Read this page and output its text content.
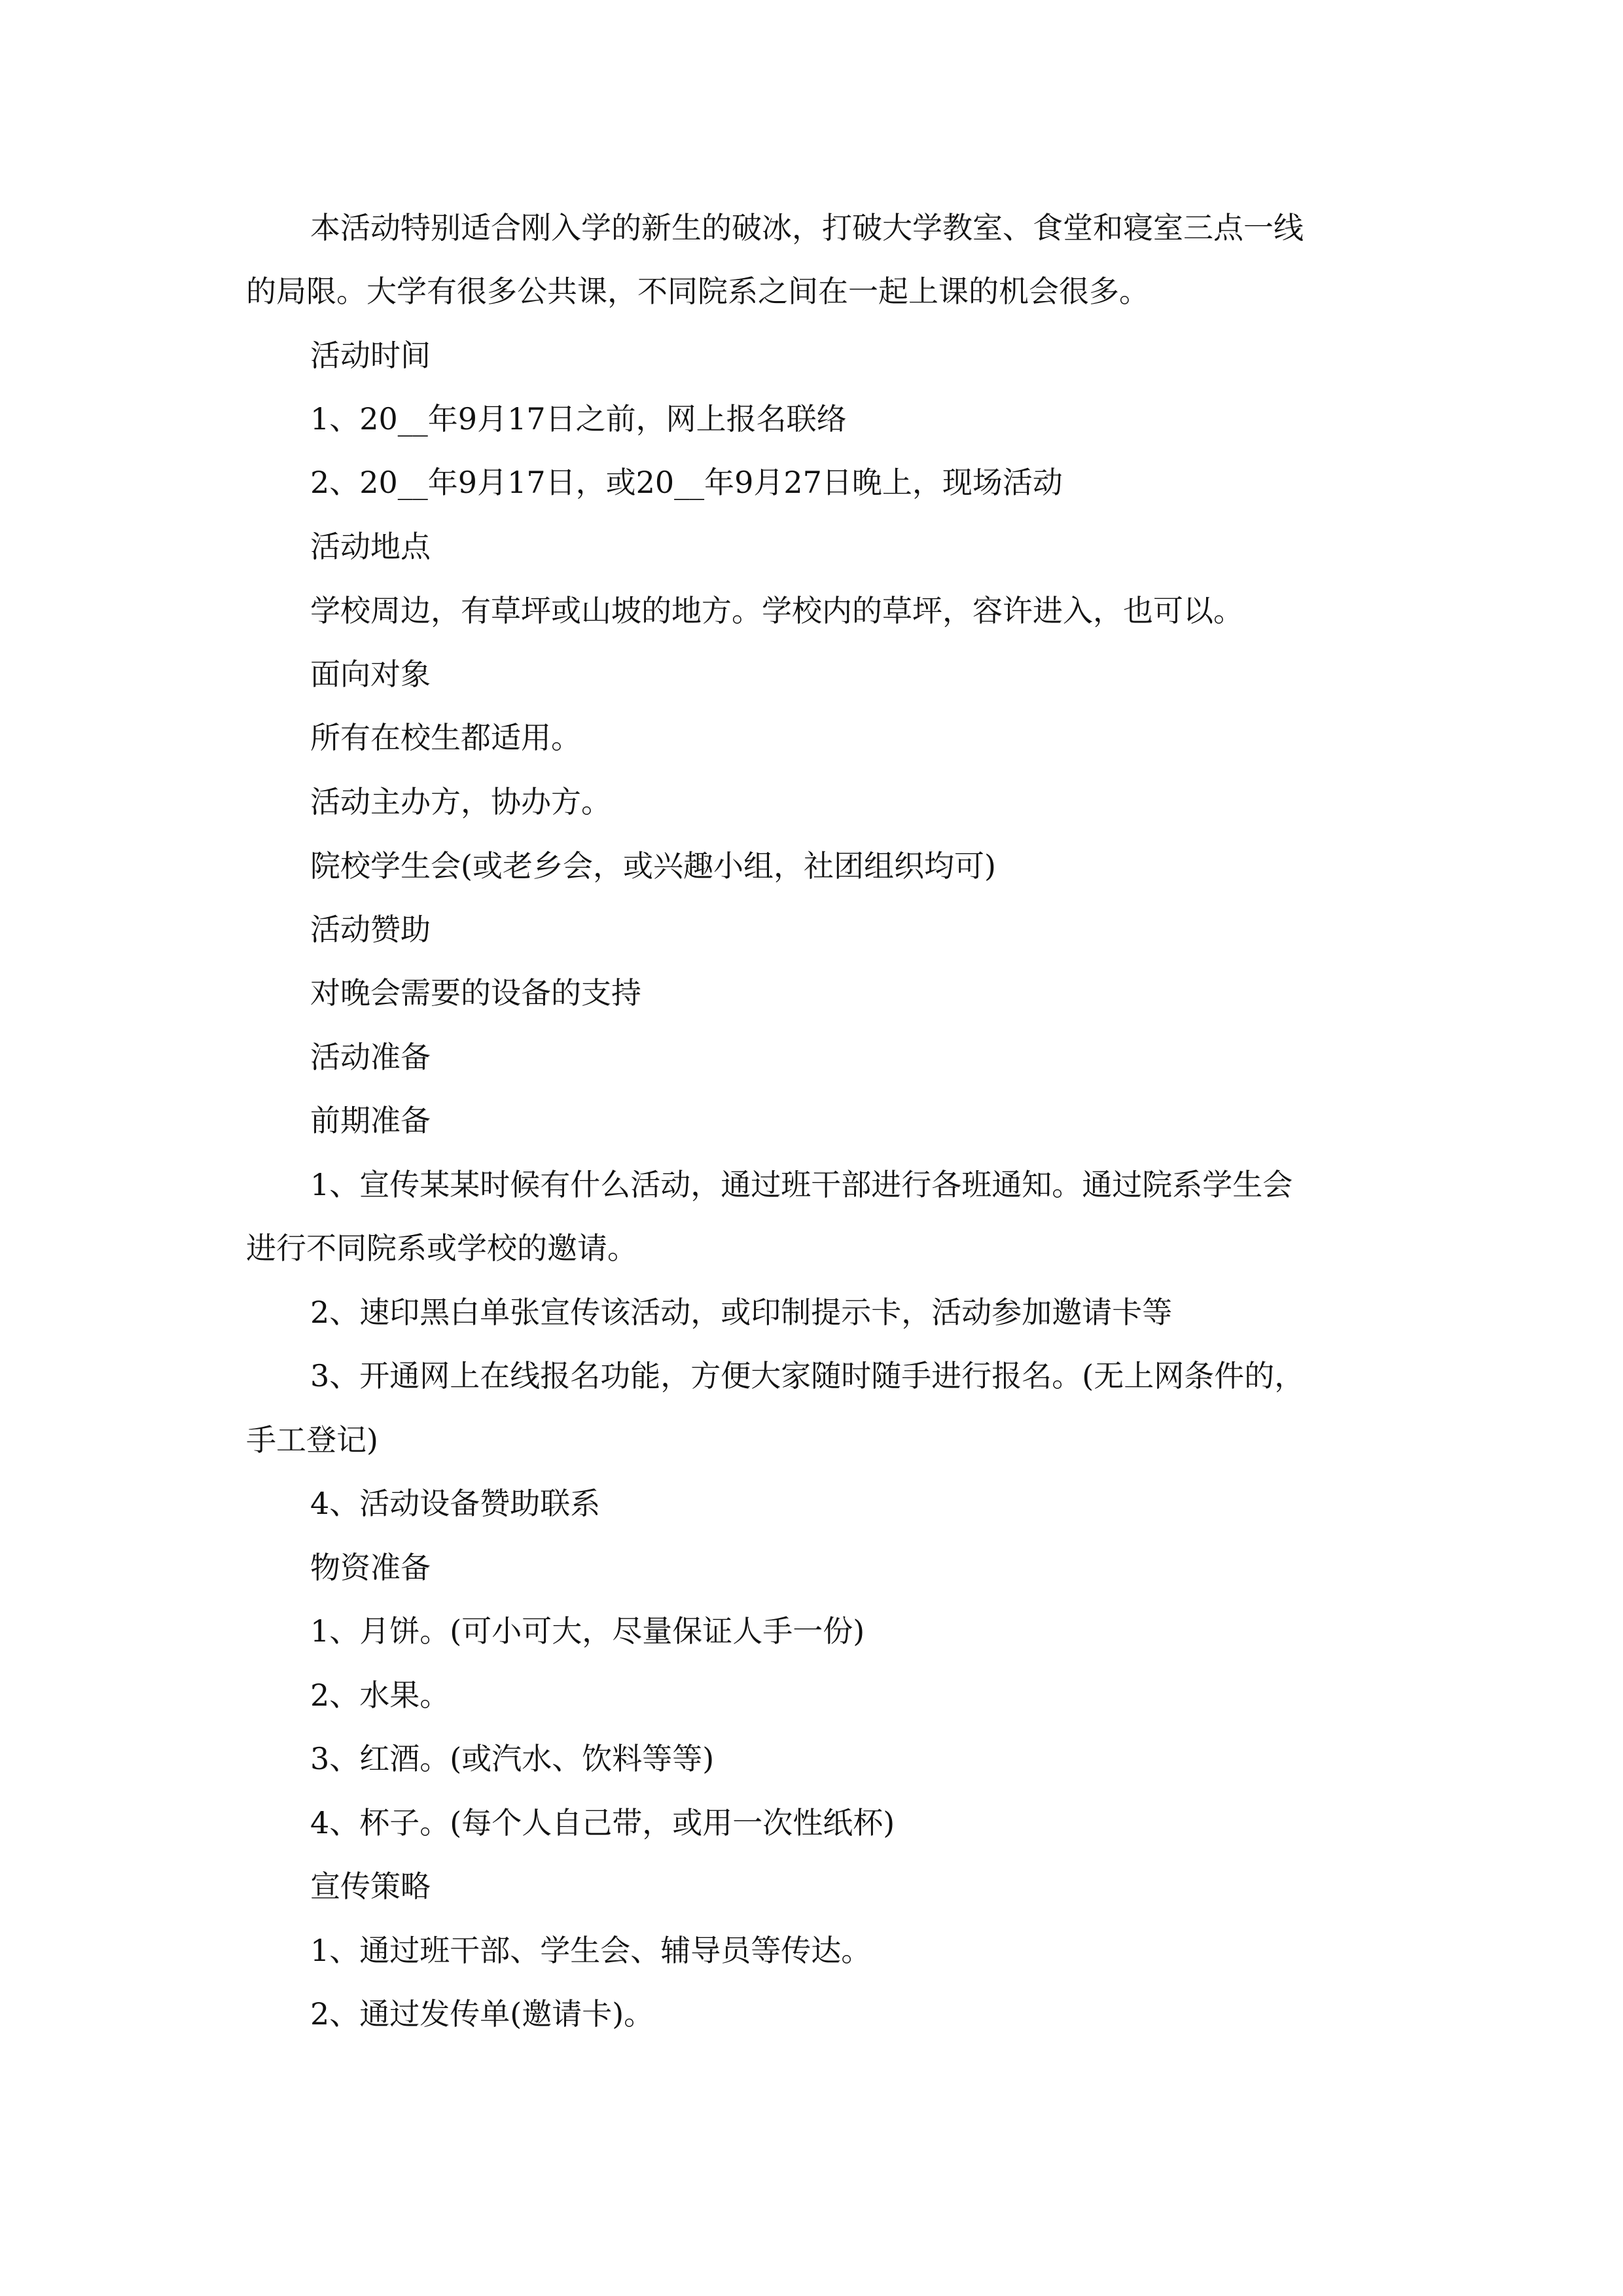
本活动特别适合刚入学的新生的破冰，打破大学教室、食堂和寝室三点一线

的局限。大学有很多公共课，不同院系之间在一起上课的机会很多。

活动时间

1、20__年9月17日之前，网上报名联络

2、20__年9月17日，或20__年9月27日晚上，现场活动

活动地点

学校周边，有草坪或山坡的地方。学校内的草坪，容许进入，也可以。

面向对象

所有在校生都适用。

活动主办方，协办方。

院校学生会(或老乡会，或兴趣小组，社团组织均可)

活动赞助

对晚会需要的设备的支持

活动准备

前期准备

1、宣传某某时候有什么活动，通过班干部进行各班通知。通过院系学生会

进行不同院系或学校的邀请。

2、速印黑白单张宣传该活动，或印制提示卡，活动参加邀请卡等

3、开通网上在线报名功能，方便大家随时随手进行报名。(无上网条件的，

手工登记)

4、活动设备赞助联系

物资准备

1、月饼。(可小可大，尽量保证人手一份)

2、水果。

3、红酒。(或汽水、饮料等等)

4、杯子。(每个人自己带，或用一次性纸杯)

宣传策略

1、通过班干部、学生会、辅导员等传达。

2、通过发传单(邀请卡)。
